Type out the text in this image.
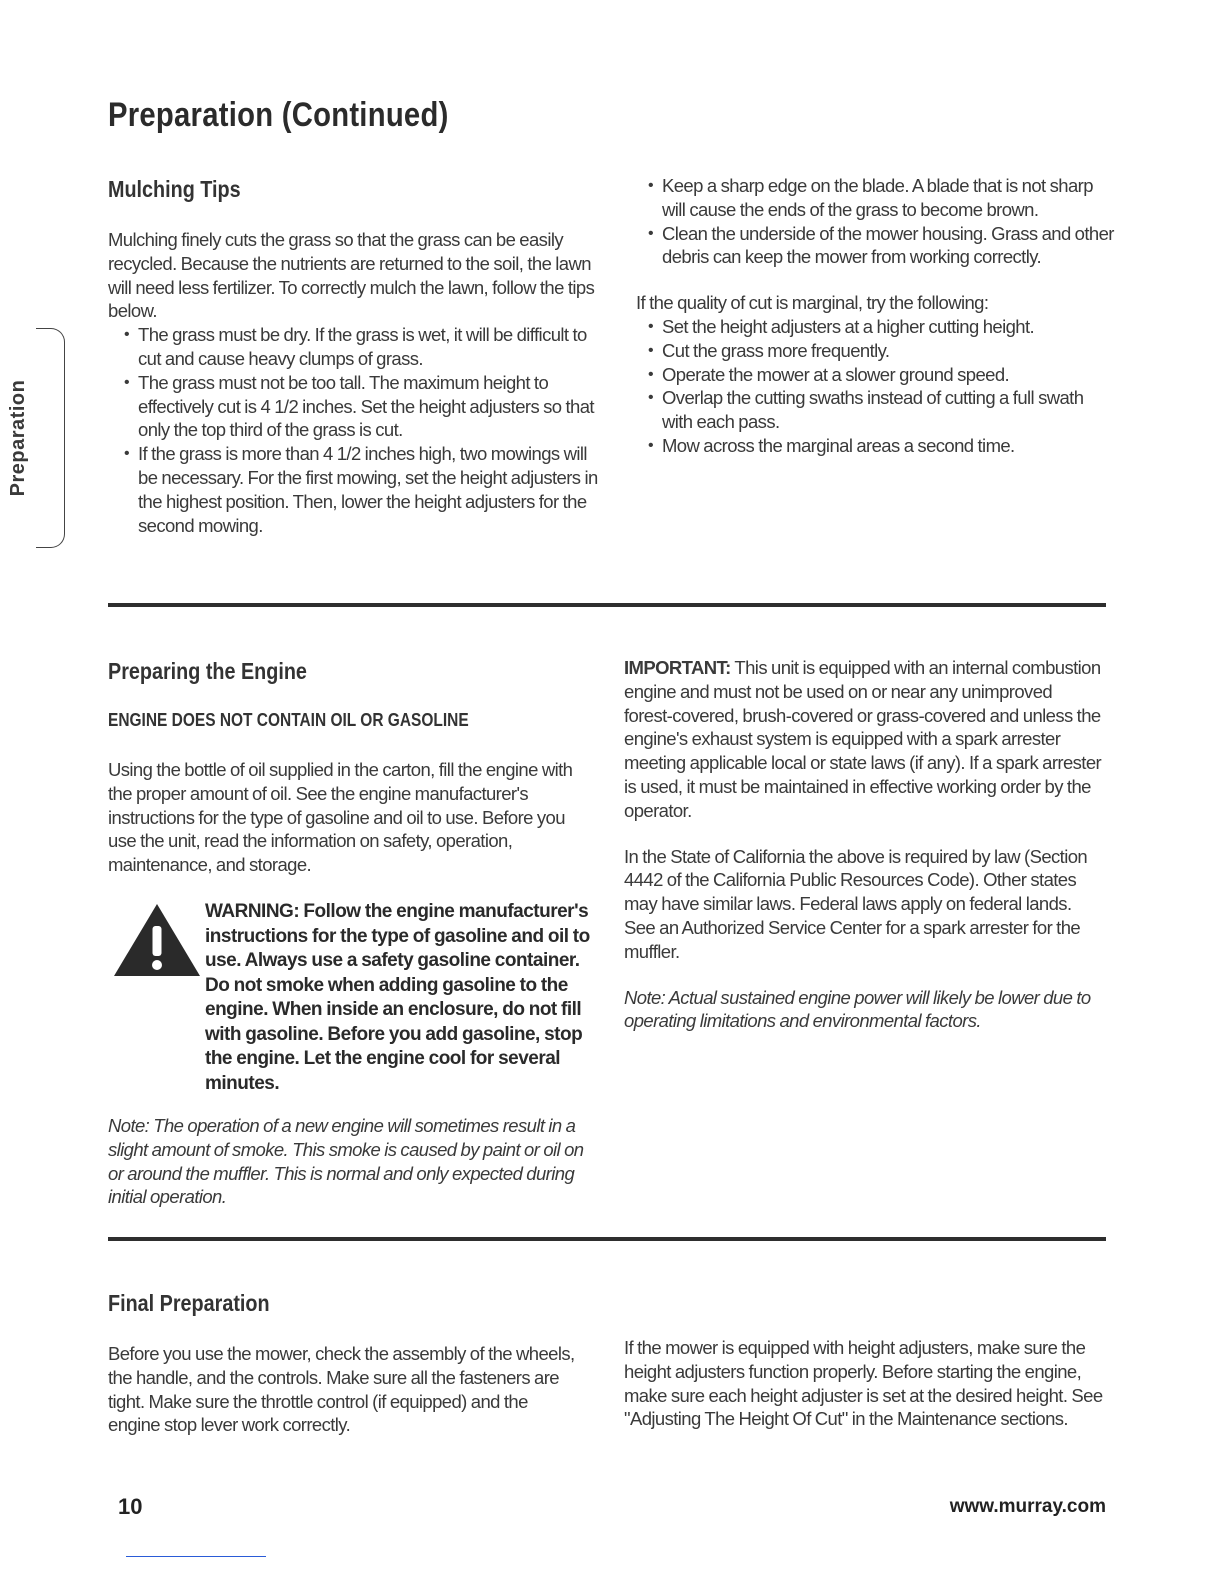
Preparation (Continued)
Preparation
Mulching Tips

Mulching finely cuts the grass so that the grass can be easily recycled. Because the nutrients are returned to the soil, the lawn will need less fertilizer. To correctly mulch the lawn, follow the tips below.

• The grass must be dry. If the grass is wet, it will be difficult to cut and cause heavy clumps of grass.
• The grass must not be too tall. The maximum height to effectively cut is 4 1/2 inches. Set the height adjusters so that only the top third of the grass is cut.
• If the grass is more than 4 1/2 inches high, two mowings will be necessary. For the first mowing, set the height adjusters in the highest position. Then, lower the height adjusters for the second mowing.
• Keep a sharp edge on the blade. A blade that is not sharp will cause the ends of the grass to become brown.
• Clean the underside of the mower housing. Grass and other debris can keep the mower from working correctly.

If the quality of cut is marginal, try the following:

• Set the height adjusters at a higher cutting height.
• Cut the grass more frequently.
• Operate the mower at a slower ground speed.
• Overlap the cutting swaths instead of cutting a full swath with each pass.
• Mow across the marginal areas a second time.
Preparing the Engine
ENGINE DOES NOT CONTAIN OIL OR GASOLINE

Using the bottle of oil supplied in the carton, fill the engine with the proper amount of oil. See the engine manufacturer's instructions for the type of gasoline and oil to use. Before you use the unit, read the information on safety, operation, maintenance, and storage.

WARNING: Follow the engine manufacturer's instructions for the type of gasoline and oil to use. Always use a safety gasoline container. Do not smoke when adding gasoline to the engine. When inside an enclosure, do not fill with gasoline. Before you add gasoline, stop the engine. Let the engine cool for several minutes.

Note: The operation of a new engine will sometimes result in a slight amount of smoke. This smoke is caused by paint or oil on or around the muffler. This is normal and only expected during initial operation.

IMPORTANT: This unit is equipped with an internal combustion engine and must not be used on or near any unimproved forest-covered, brush-covered or grass-covered and unless the engine's exhaust system is equipped with a spark arrester meeting applicable local or state laws (if any). If a spark arrester is used, it must be maintained in effective working order by the operator.

In the State of California the above is required by law (Section 4442 of the California Public Resources Code). Other states may have similar laws. Federal laws apply on federal lands. See an Authorized Service Center for a spark arrester for the muffler.

Note: Actual sustained engine power will likely be lower due to operating limitations and environmental factors.

Final Preparation

Before you use the mower, check the assembly of the wheels, the handle, and the controls. Make sure all the fasteners are tight. Make sure the throttle control (if equipped) and the engine stop lever work correctly.

If the mower is equipped with height adjusters, make sure the height adjusters function properly. Before starting the engine, make sure each height adjuster is set at the desired height. See "Adjusting The Height Of Cut" in the Maintenance sections.

10	www.murray.com
